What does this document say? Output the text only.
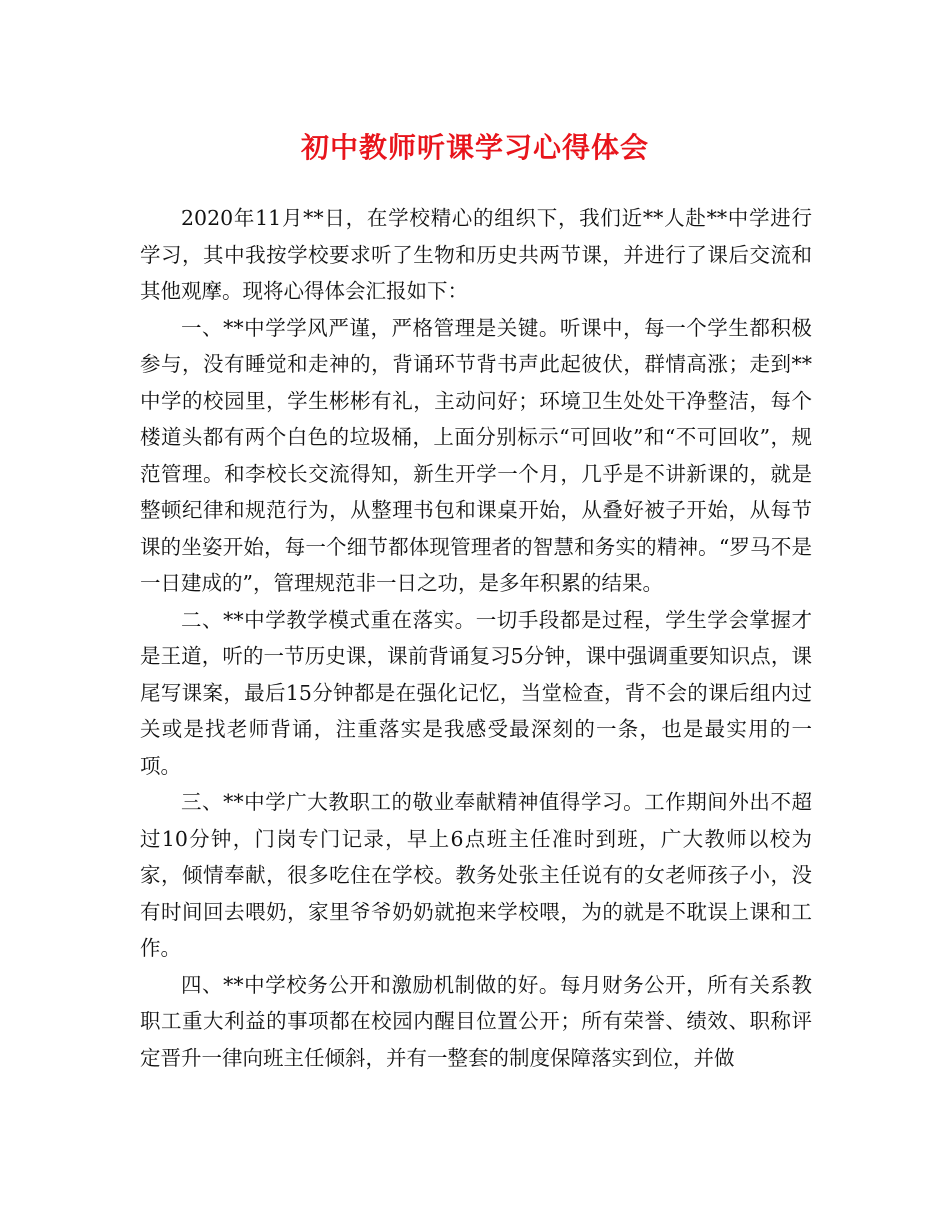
初中教师听课学习心得体会

2020年11月**日，在学校精心的组织下，我们近**人赴**中学进行学习，其中我按学校要求听了生物和历史共两节课，并进行了课后交流和其他观摩。现将心得体会汇报如下：

一、**中学学风严谨，严格管理是关键。听课中，每一个学生都积极参与，没有睡觉和走神的，背诵环节背书声此起彼伏，群情高涨；走到**中学的校园里，学生彬彬有礼，主动问好；环境卫生处处干净整洁，每个楼道头都有两个白色的垃圾桶，上面分别标示“可回收”和“不可回收”，规范管理。和李校长交流得知，新生开学一个月，几乎是不讲新课的，就是整顿纪律和规范行为，从整理书包和课桌开始，从叠好被子开始，从每节课的坐姿开始，每一个细节都体现管理者的智慧和务实的精神。“罗马不是一日建成的”，管理规范非一日之功，是多年积累的结果。

二、**中学教学模式重在落实。一切手段都是过程，学生学会掌握才是王道，听的一节历史课，课前背诵复习5分钟，课中强调重要知识点，课尾写课案，最后15分钟都是在强化记忆，当堂检查，背不会的课后组内过关或是找老师背诵，注重落实是我感受最深刻的一条，也是最实用的一项。

三、**中学广大教职工的敬业奉献精神值得学习。工作期间外出不超过10分钟，门岗专门记录，早上6点班主任准时到班，广大教师以校为家，倾情奉献，很多吃住在学校。教务处张主任说有的女老师孩子小，没有时间回去喂奶，家里爷爷奶奶就抱来学校喂，为的就是不耽误上课和工作。

四、**中学校务公开和激励机制做的好。每月财务公开，所有关系教职工重大利益的事项都在校园内醒目位置公开；所有荣誉、绩效、职称评定晋升一律向班主任倾斜，并有一整套的制度保障落实到位，并做
